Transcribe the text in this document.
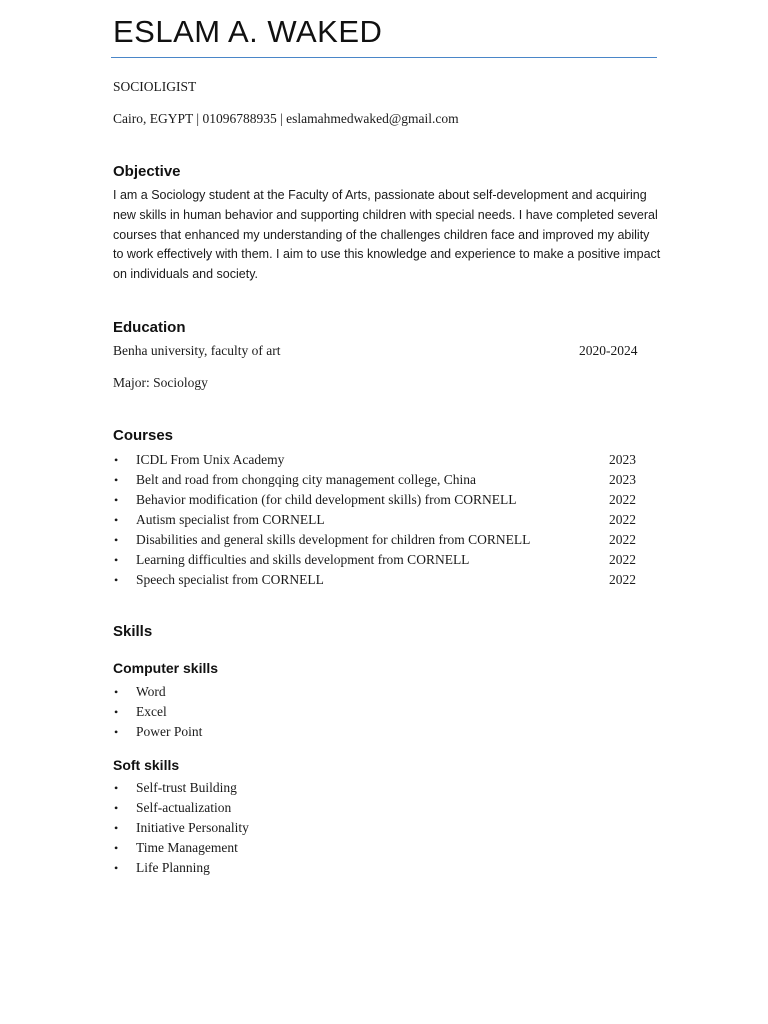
ESLAM A. WAKED
SOCIOLIGIST
Cairo, EGYPT | 01096788935 | eslamahmedwaked@gmail.com
Objective
I am a Sociology student at the Faculty of Arts, passionate about self-development and acquiring new skills in human behavior and supporting children with special needs. I have completed several courses that enhanced my understanding of the challenges children face and improved my ability to work effectively with them. I aim to use this knowledge and experience to make a positive impact on individuals and society.
Education
Benha university, faculty of art	2020-2024
Major: Sociology
Courses
• ICDL From Unix Academy	2023
• Belt and road from chongqing city management college, China	2023
• Behavior modification (for child development skills) from CORNELL	2022
• Autism specialist from CORNELL	2022
• Disabilities and general skills development for children from CORNELL	2022
• Learning difficulties and skills development from CORNELL	2022
• Speech specialist from CORNELL	2022
Skills
Computer skills
• Word
• Excel
• Power Point
Soft skills
• Self-trust Building
• Self-actualization
• Initiative Personality
• Time Management
• Life Planning
